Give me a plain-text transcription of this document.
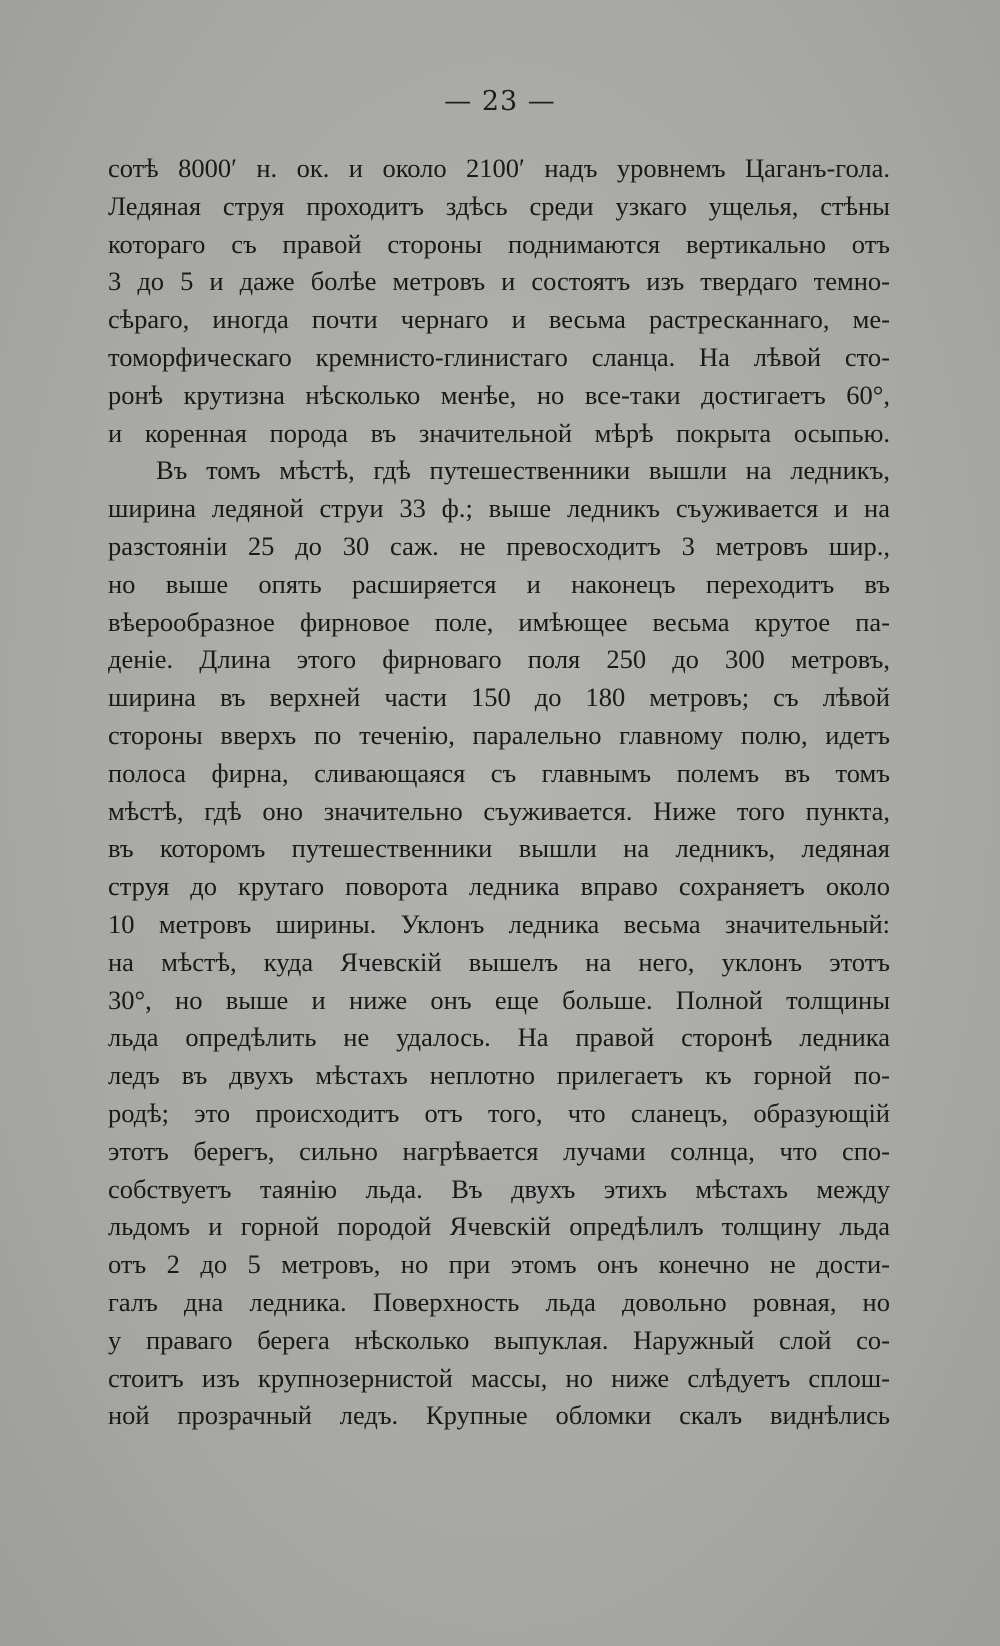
— 23 —
сотѣ 8000′ н. ок. и около 2100′ надъ уровнемъ Цаганъ-гола.
Ледяная струя проходитъ здѣсь среди узкаго ущелья, стѣны
котораго съ правой стороны поднимаются вертикально отъ
3 до 5 и даже болѣе метровъ и состоятъ изъ твердаго темно-
сѣраго, иногда почти чернаго и весьма растресканнаго, ме-
томорфическаго кремнисто-глинистаго сланца. На лѣвой сто-
ронѣ крутизна нѣсколько менѣе, но все-таки достигаетъ 60°,
и коренная порода въ значительной мѣрѣ покрыта осыпью.
Въ томъ мѣстѣ, гдѣ путешественники вышли на ледникъ,
ширина ледяной струи 33 ф.; выше ледникъ съуживается и на
разстояніи 25 до 30 саж. не превосходитъ 3 метровъ шир.,
но выше опять расширяется и наконецъ переходитъ въ
вѣерообразное фирновое поле, имѣющее весьма крутое па-
деніе. Длина этого фирноваго поля 250 до 300 метровъ,
ширина въ верхней части 150 до 180 метровъ; съ лѣвой
стороны вверхъ по теченію, паралельно главному полю, идетъ
полоса фирна, сливающаяся съ главнымъ полемъ въ томъ
мѣстѣ, гдѣ оно значительно съуживается. Ниже того пункта,
въ которомъ путешественники вышли на ледникъ, ледяная
струя до крутаго поворота ледника вправо сохраняетъ около
10 метровъ ширины. Уклонъ ледника весьма значительный:
на мѣстѣ, куда Ячевскій вышелъ на него, уклонъ этотъ
30°, но выше и ниже онъ еще больше. Полной толщины
льда опредѣлить не удалось. На правой сторонѣ ледника
ледъ въ двухъ мѣстахъ неплотно прилегаетъ къ горной по-
родѣ; это происходитъ отъ того, что сланецъ, образующій
этотъ берегъ, сильно нагрѣвается лучами солнца, что спо-
собствуетъ таянію льда. Въ двухъ этихъ мѣстахъ между
льдомъ и горной породой Ячевскій опредѣлилъ толщину льда
отъ 2 до 5 метровъ, но при этомъ онъ конечно не дости-
галъ дна ледника. Поверхность льда довольно ровная, но
у праваго берега нѣсколько выпуклая. Наружный слой со-
стоитъ изъ крупнозернистой массы, но ниже слѣдуетъ сплош-
ной прозрачный ледъ. Крупные обломки скалъ виднѣлись
